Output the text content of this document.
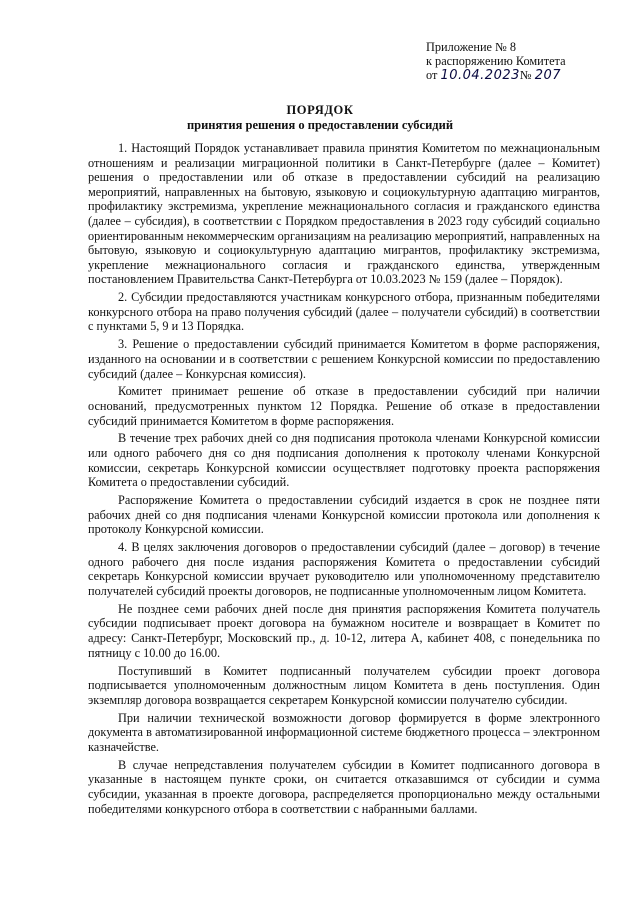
Приложение № 8
к распоряжению Комитета
от 10.04.2023№ 207
ПОРЯДОК
принятия решения о предоставлении субсидий

1. Настоящий Порядок устанавливает правила принятия Комитетом по межнациональным отношениям и реализации миграционной политики в Санкт-Петербурге (далее – Комитет) решения о предоставлении или об отказе в предоставлении субсидий на реализацию мероприятий, направленных на бытовую, языковую и социокультурную адаптацию мигрантов, профилактику экстремизма, укрепление межнационального согласия и гражданского единства (далее – субсидия), в соответствии с Порядком предоставления в 2023 году субсидий социально ориентированным некоммерческим организациям на реализацию мероприятий, направленных на бытовую, языковую и социокультурную адаптацию мигрантов, профилактику экстремизма, укрепление межнационального согласия и гражданского единства, утвержденным постановлением Правительства Санкт-Петербурга от 10.03.2023 № 159 (далее – Порядок).

2. Субсидии предоставляются участникам конкурсного отбора, признанным победителями конкурсного отбора на право получения субсидий (далее – получатели субсидий) в соответствии с пунктами 5, 9 и 13 Порядка.

3. Решение о предоставлении субсидий принимается Комитетом в форме распоряжения, изданного на основании и в соответствии с решением Конкурсной комиссии по предоставлению субсидий (далее – Конкурсная комиссия).

Комитет принимает решение об отказе в предоставлении субсидий при наличии оснований, предусмотренных пунктом 12 Порядка. Решение об отказе в предоставлении субсидий принимается Комитетом в форме распоряжения.

В течение трех рабочих дней со дня подписания протокола членами Конкурсной комиссии или одного рабочего дня со дня подписания дополнения к протоколу членами Конкурсной комиссии, секретарь Конкурсной комиссии осуществляет подготовку проекта распоряжения Комитета о предоставлении субсидий.

Распоряжение Комитета о предоставлении субсидий издается в срок не позднее пяти рабочих дней со дня подписания членами Конкурсной комиссии протокола или дополнения к протоколу Конкурсной комиссии.

4. В целях заключения договоров о предоставлении субсидий (далее – договор) в течение одного рабочего дня после издания распоряжения Комитета о предоставлении субсидий секретарь Конкурсной комиссии вручает руководителю или уполномоченному представителю получателей субсидий проекты договоров, не подписанные уполномоченным лицом Комитета.

Не позднее семи рабочих дней после дня принятия распоряжения Комитета получатель субсидии подписывает проект договора на бумажном носителе и возвращает в Комитет по адресу: Санкт-Петербург, Московский пр., д. 10-12, литера А, кабинет 408, с понедельника по пятницу с 10.00 до 16.00.

Поступивший в Комитет подписанный получателем субсидии проект договора подписывается уполномоченным должностным лицом Комитета в день поступления. Один экземпляр договора возвращается секретарем Конкурсной комиссии получателю субсидии.

При наличии технической возможности договор формируется в форме электронного документа в автоматизированной информационной системе бюджетного процесса – электронном казначействе.

В случае непредставления получателем субсидии в Комитет подписанного договора в указанные в настоящем пункте сроки, он считается отказавшимся от субсидии и сумма субсидии, указанная в проекте договора, распределяется пропорционально между остальными победителями конкурсного отбора в соответствии с набранными баллами.
